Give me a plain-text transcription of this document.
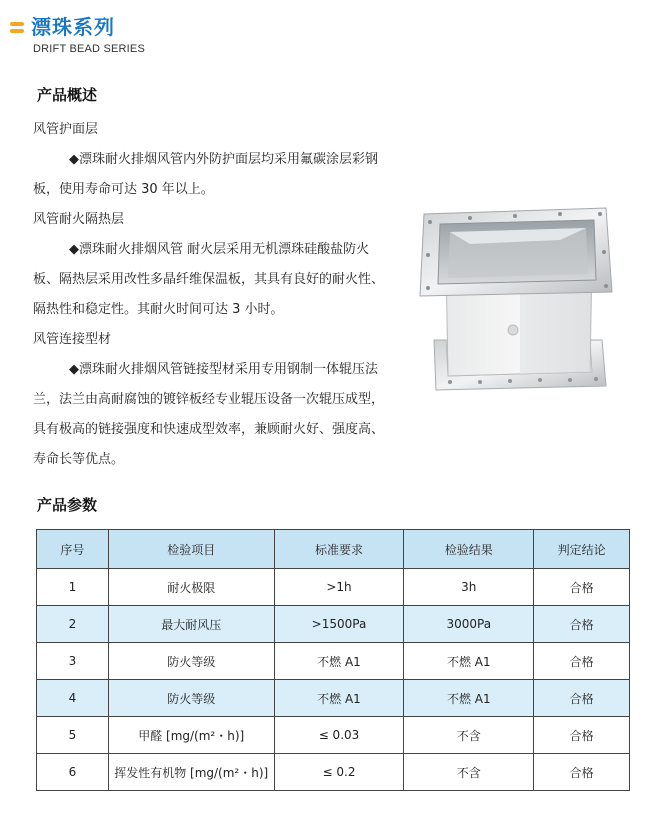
漂珠系列
DRIFT BEAD SERIES
产品概述

风管护面层

◆漂珠耐火排烟风管内外防护面层均采用氟碳涂层彩钢板，使用寿命可达 30 年以上。

风管耐火隔热层

◆漂珠耐火排烟风管 耐火层采用无机漂珠硅酸盐防火板、隔热层采用改性多晶纤维保温板，其具有良好的耐火性、隔热性和稳定性。其耐火时间可达 3 小时。

风管连接型材

◆漂珠耐火排烟风管链接型材采用专用钢制一体辊压法兰，法兰由高耐腐蚀的镀锌板经专业辊压设备一次辊压成型，具有极高的链接强度和快速成型效率，兼顾耐火好、强度高、寿命长等优点。

产品参数
序号	检验项目	标准要求	检验结果	判定结论
1	耐火极限	>1h	3h	合格
2	最大耐风压	>1500Pa	3000Pa	合格
3	防火等级	不燃 A1	不燃 A1	合格
4	防火等级	不燃 A1	不燃 A1	合格
5	甲醛 [mg/(m²・h)]	≤ 0.03	不含	合格
6	挥发性有机物 [mg/(m²・h)]	≤ 0.2	不含	合格
